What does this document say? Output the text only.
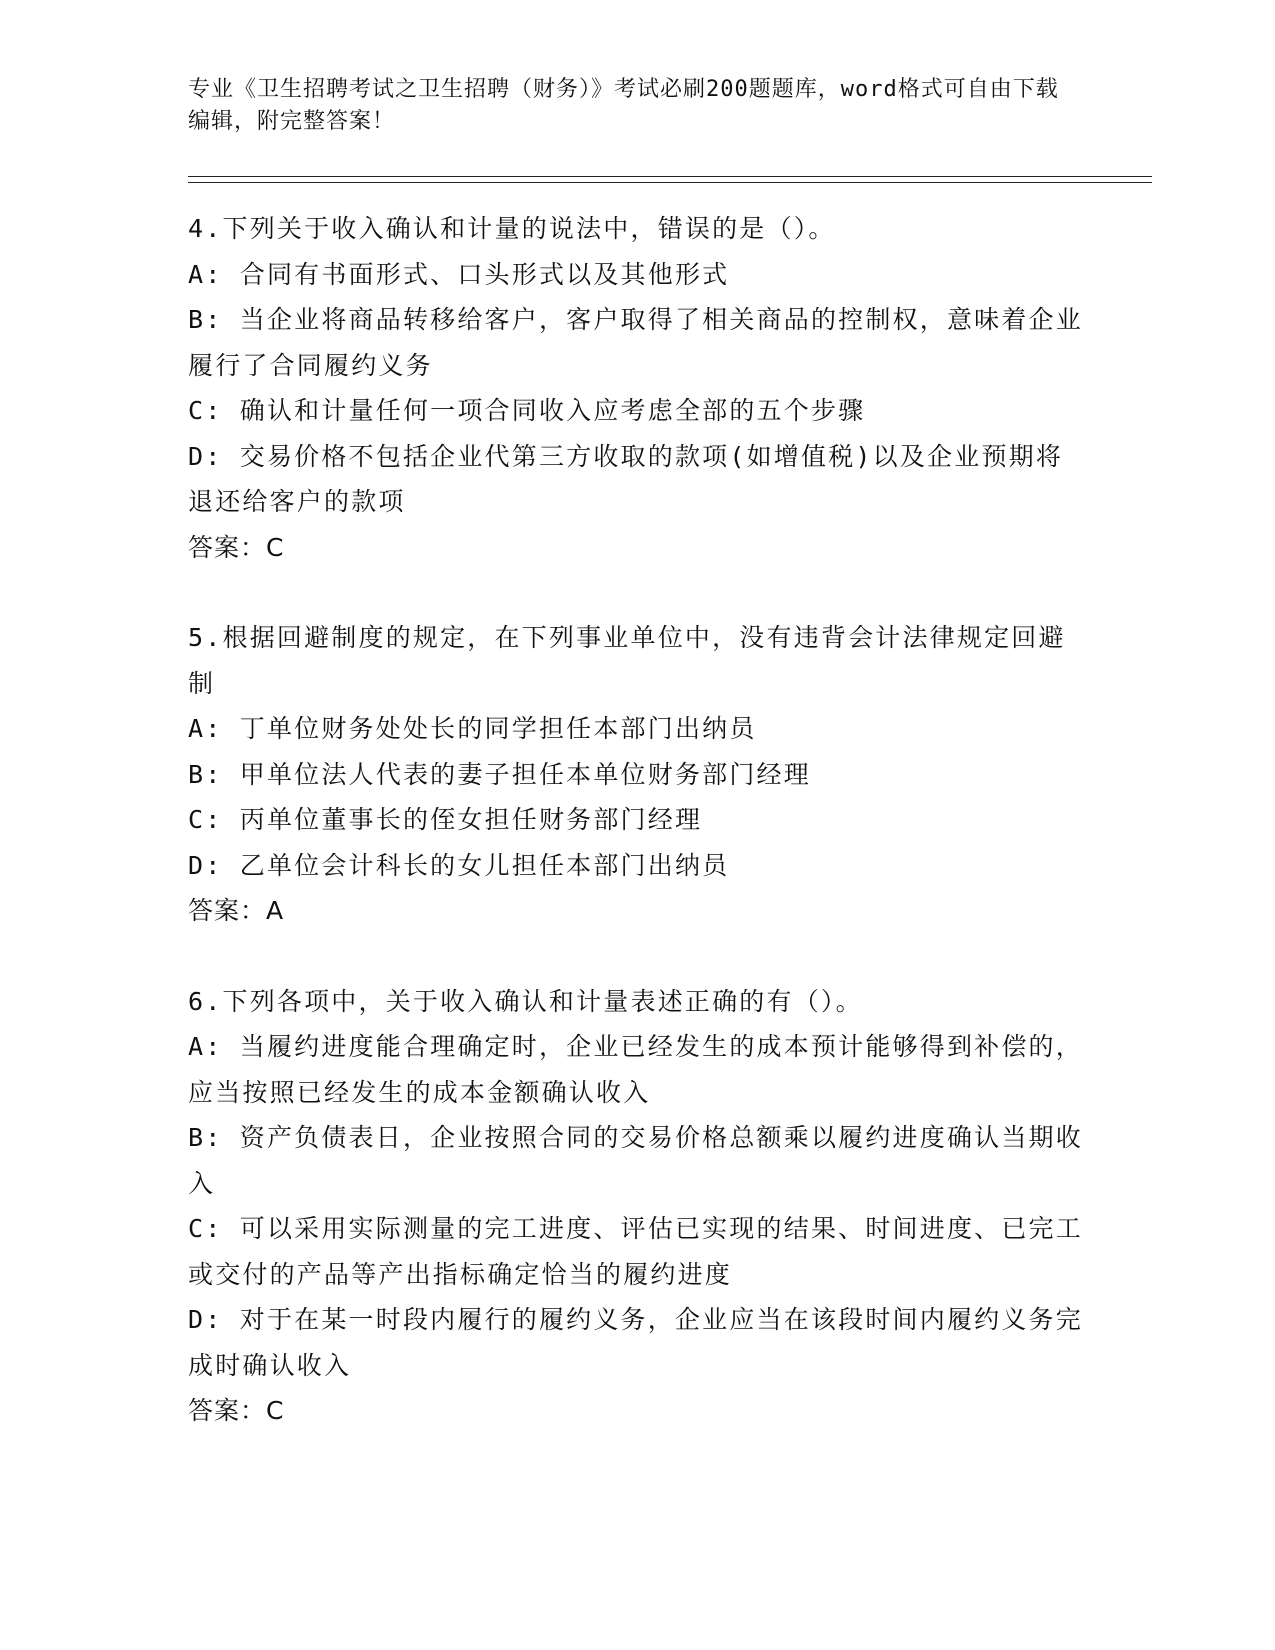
专业《卫生招聘考试之卫生招聘（财务）》考试必刷200题题库，word格式可自由下载编辑，附完整答案！

4.下列关于收入确认和计量的说法中，错误的是（）。

A: 合同有书面形式、口头形式以及其他形式

B: 当企业将商品转移给客户，客户取得了相关商品的控制权，意味着企业履行了合同履约义务

C: 确认和计量任何一项合同收入应考虑全部的五个步骤

D: 交易价格不包括企业代第三方收取的款项(如增值税)以及企业预期将退还给客户的款项

答案：C

5.根据回避制度的规定，在下列事业单位中，没有违背会计法律规定回避制

A: 丁单位财务处处长的同学担任本部门出纳员

B: 甲单位法人代表的妻子担任本单位财务部门经理

C: 丙单位董事长的侄女担任财务部门经理

D: 乙单位会计科长的女儿担任本部门出纳员

答案：A

6.下列各项中，关于收入确认和计量表述正确的有（）。

A: 当履约进度能合理确定时，企业已经发生的成本预计能够得到补偿的，应当按照已经发生的成本金额确认收入

B: 资产负债表日，企业按照合同的交易价格总额乘以履约进度确认当期收入

C: 可以采用实际测量的完工进度、评估已实现的结果、时间进度、已完工或交付的产品等产出指标确定恰当的履约进度

D: 对于在某一时段内履行的履约义务，企业应当在该段时间内履约义务完成时确认收入

答案：C
